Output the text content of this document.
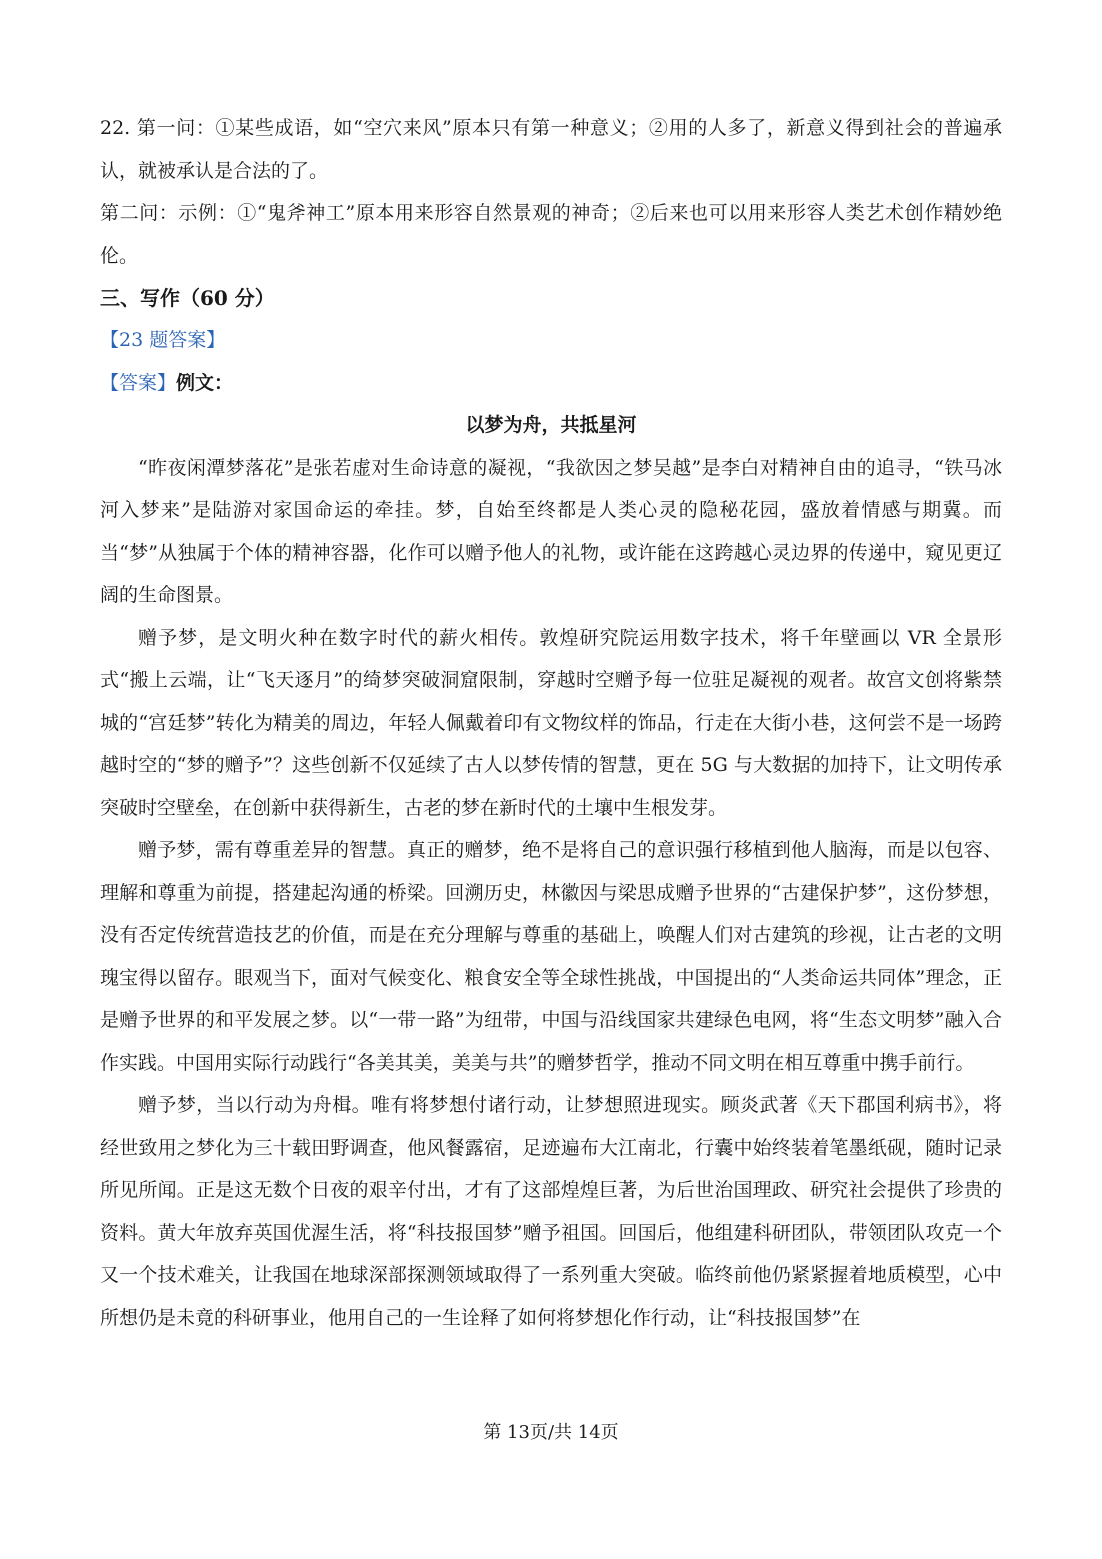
22. 第一问：①某些成语，如“空穴来风”原本只有第一种意义；②用的人多了，新意义得到社会的普遍承认，就被承认是合法的了。

第二问：示例：①“鬼斧神工”原本用来形容自然景观的神奇；②后来也可以用来形容人类艺术创作精妙绝伦。

三、写作（60 分）

【23 题答案】

【答案】例文：

以梦为舟，共抵星河

“昨夜闲潭梦落花”是张若虚对生命诗意的凝视，“我欲因之梦吴越”是李白对精神自由的追寻，“铁马冰河入梦来”是陆游对家国命运的牵挂。梦，自始至终都是人类心灵的隐秘花园，盛放着情感与期冀。而当“梦”从独属于个体的精神容器，化作可以赠予他人的礼物，或许能在这跨越心灵边界的传递中，窥见更辽阔的生命图景。

赠予梦，是文明火种在数字时代的薪火相传。敦煌研究院运用数字技术，将千年壁画以 VR 全景形式“搬上云端，让“飞天逐月”的绮梦突破洞窟限制，穿越时空赠予每一位驻足凝视的观者。故宫文创将紫禁城的“宫廷梦”转化为精美的周边，年轻人佩戴着印有文物纹样的饰品，行走在大街小巷，这何尝不是一场跨越时空的“梦的赠予”？这些创新不仅延续了古人以梦传情的智慧，更在 5G 与大数据的加持下，让文明传承突破时空壁垒，在创新中获得新生，古老的梦在新时代的土壤中生根发芽。

赠予梦，需有尊重差异的智慧。真正的赠梦，绝不是将自己的意识强行移植到他人脑海，而是以包容、理解和尊重为前提，搭建起沟通的桥梁。回溯历史，林徽因与梁思成赠予世界的“古建保护梦”，这份梦想，没有否定传统营造技艺的价值，而是在充分理解与尊重的基础上，唤醒人们对古建筑的珍视，让古老的文明瑰宝得以留存。眼观当下，面对气候变化、粮食安全等全球性挑战，中国提出的“人类命运共同体”理念，正是赠予世界的和平发展之梦。以“一带一路”为纽带，中国与沿线国家共建绿色电网，将“生态文明梦”融入合作实践。中国用实际行动践行“各美其美，美美与共”的赠梦哲学，推动不同文明在相互尊重中携手前行。

赠予梦，当以行动为舟楫。唯有将梦想付诸行动，让梦想照进现实。顾炎武著《天下郡国利病书》，将经世致用之梦化为三十载田野调查，他风餐露宿，足迹遍布大江南北，行囊中始终装着笔墨纸砚，随时记录所见所闻。正是这无数个日夜的艰辛付出，才有了这部煌煌巨著，为后世治国理政、研究社会提供了珍贵的资料。黄大年放弃英国优渥生活，将“科技报国梦”赠予祖国。回国后，他组建科研团队，带领团队攻克一个又一个技术难关，让我国在地球深部探测领域取得了一系列重大突破。临终前他仍紧紧握着地质模型，心中所想仍是未竟的科研事业，他用自己的一生诠释了如何将梦想化作行动，让“科技报国梦”在

第 13页/共 14页
